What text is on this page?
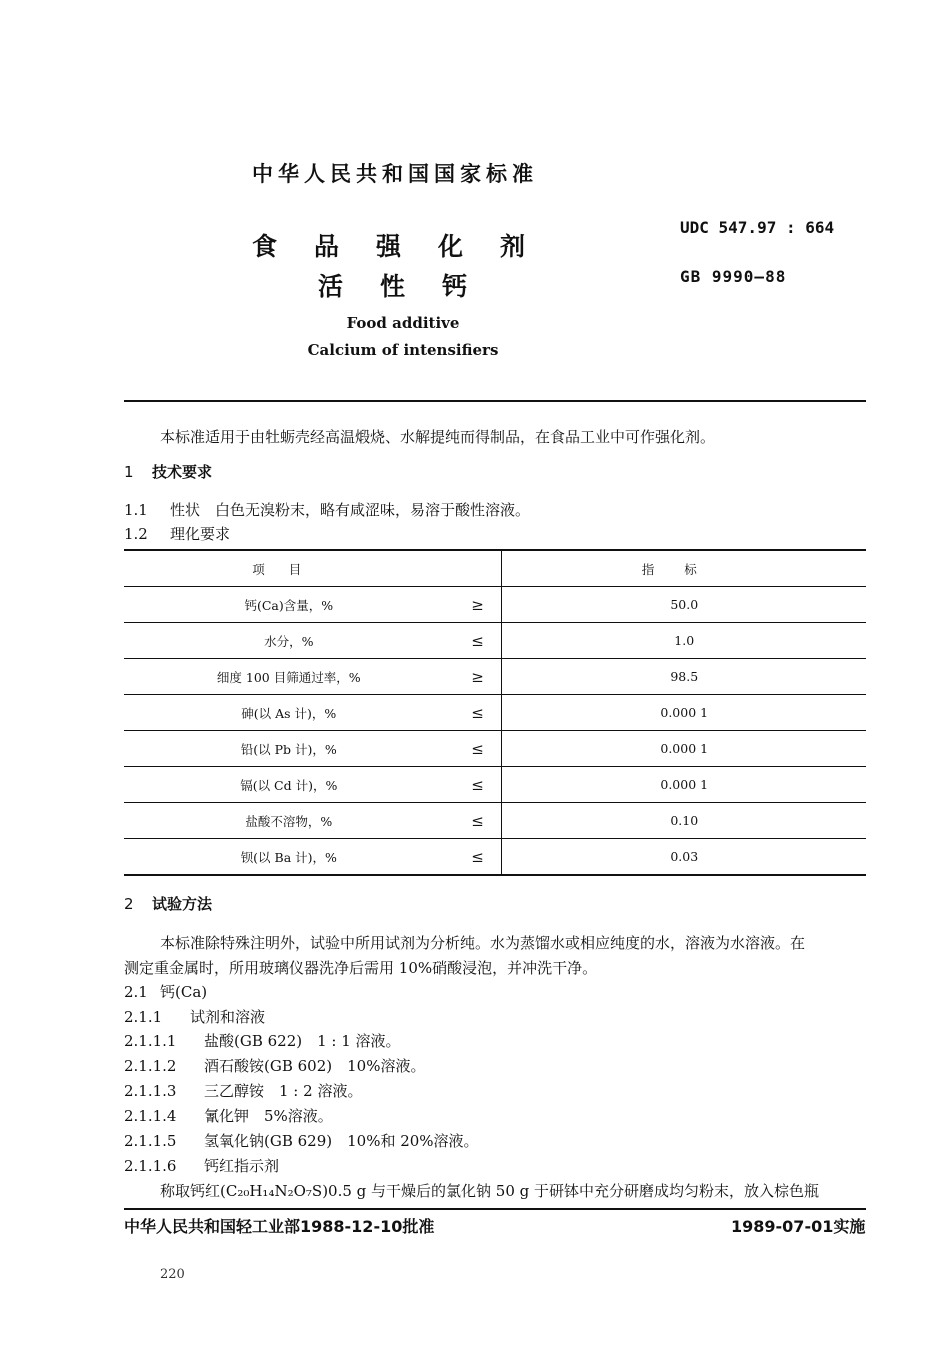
中华人民共和国国家标准
食品强化剂
活性钙
Food additive
Calcium of intensifiers
UDC 547.97 : 664
GB 9990—88
本标准适用于由牡蛎壳经高温煅烧、水解提纯而得制品，在食品工业中可作强化剂。
1 技术要求
1.1 性状　白色无溴粉末，略有咸涩味，易溶于酸性溶液。
1.2 理化要求
项目		指标
钙(Ca)含量，%	≥	50.0
水分，%	≤	1.0
细度 100 目筛通过率，%	≥	98.5
砷(以 As 计)，%	≤	0.000 1
铅(以 Pb 计)，%	≤	0.000 1
镉(以 Cd 计)，%	≤	0.000 1
盐酸不溶物，%	≤	0.10
钡(以 Ba 计)，%	≤	0.03
2 试验方法
本标准除特殊注明外，试验中所用试剂为分析纯。水为蒸馏水或相应纯度的水，溶液为水溶液。在
测定重金属时，所用玻璃仪器洗净后需用 10%硝酸浸泡，并冲洗干净。
2.1 钙(Ca)
2.1.1 试剂和溶液
2.1.1.1 盐酸(GB 622)　1 : 1 溶液。
2.1.1.2 酒石酸铵(GB 602)　10%溶液。
2.1.1.3 三乙醇铵　1 : 2 溶液。
2.1.1.4 氰化钾　5%溶液。
2.1.1.5 氢氧化钠(GB 629)　10%和 20%溶液。
2.1.1.6 钙红指示剂
称取钙红(C₂₀H₁₄N₂O₇S)0.5 g 与干燥后的氯化钠 50 g 于研钵中充分研磨成均匀粉末，放入棕色瓶
中华人民共和国轻工业部1988-12-10批准	1989-07-01实施
220
